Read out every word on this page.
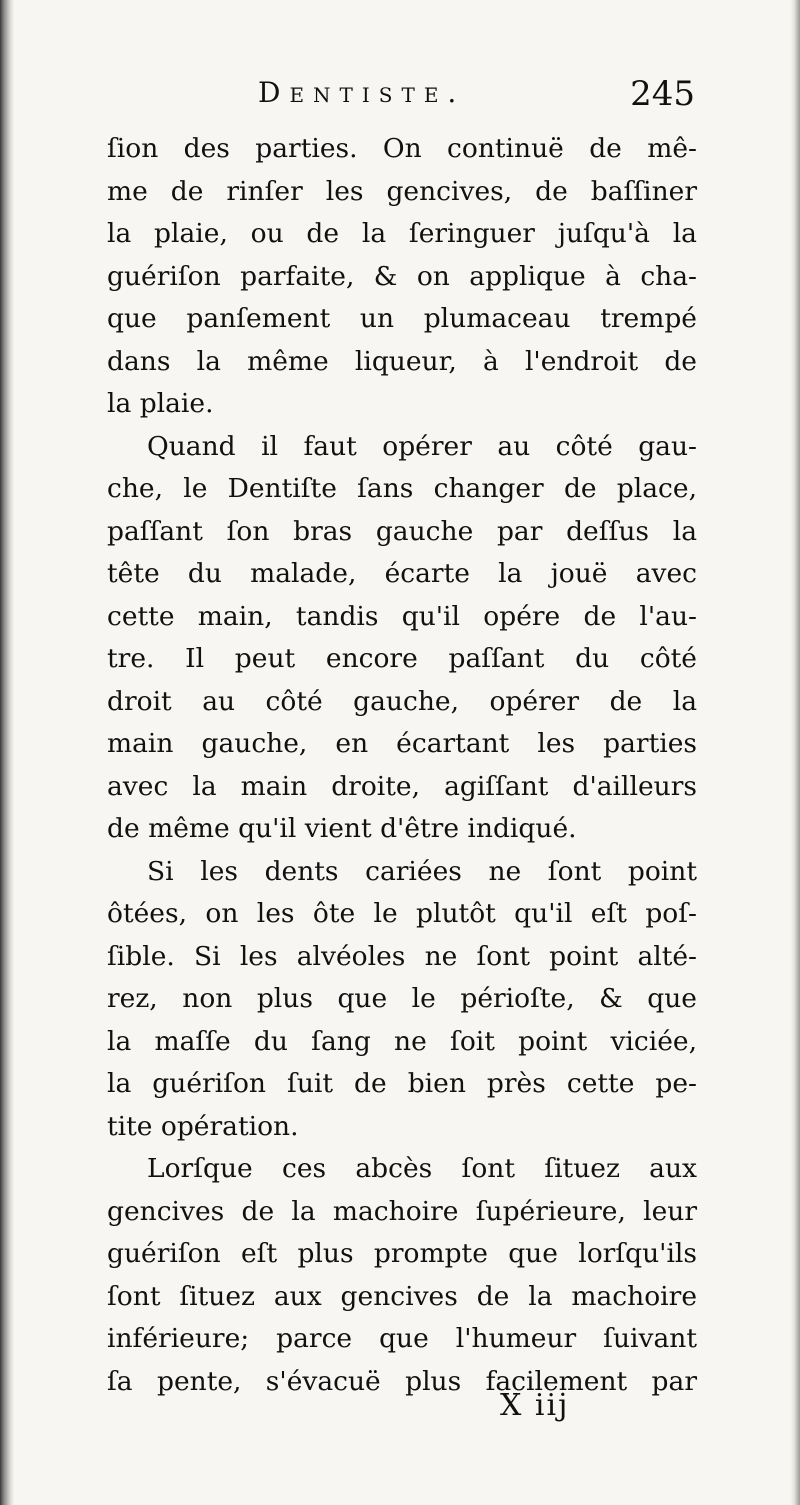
Dentiste.	245
ſion des parties. On continuë de mê-
me de rinſer les gencives, de baſſiner
la plaie, ou de la ſeringuer juſqu'à la
guériſon parfaite, & on applique à cha-
que panſement un plumaceau trempé
dans la même liqueur, à l'endroit de
la plaie.
Quand il faut opérer au côté gau-
che, le Dentiſte ſans changer de place,
paſſant ſon bras gauche par deſſus la
tête du malade, écarte la jouë avec
cette main, tandis qu'il opére de l'au-
tre. Il peut encore paſſant du côté
droit au côté gauche, opérer de la
main gauche, en écartant les parties
avec la main droite, agiſſant d'ailleurs
de même qu'il vient d'être indiqué.
Si les dents cariées ne ſont point
ôtées, on les ôte le plutôt qu'il eſt poſ-
ſible. Si les alvéoles ne ſont point alté-
rez, non plus que le périoſte, & que
la maſſe du ſang ne ſoit point viciée,
la guériſon ſuit de bien près cette pe-
tite opération.
Lorſque ces abcès ſont ſituez aux
gencives de la machoire ſupérieure, leur
guériſon eſt plus prompte que lorſqu'ils
ſont ſituez aux gencives de la machoire
inférieure; parce que l'humeur ſuivant
ſa pente, s'évacuë plus facilement par
X iij
